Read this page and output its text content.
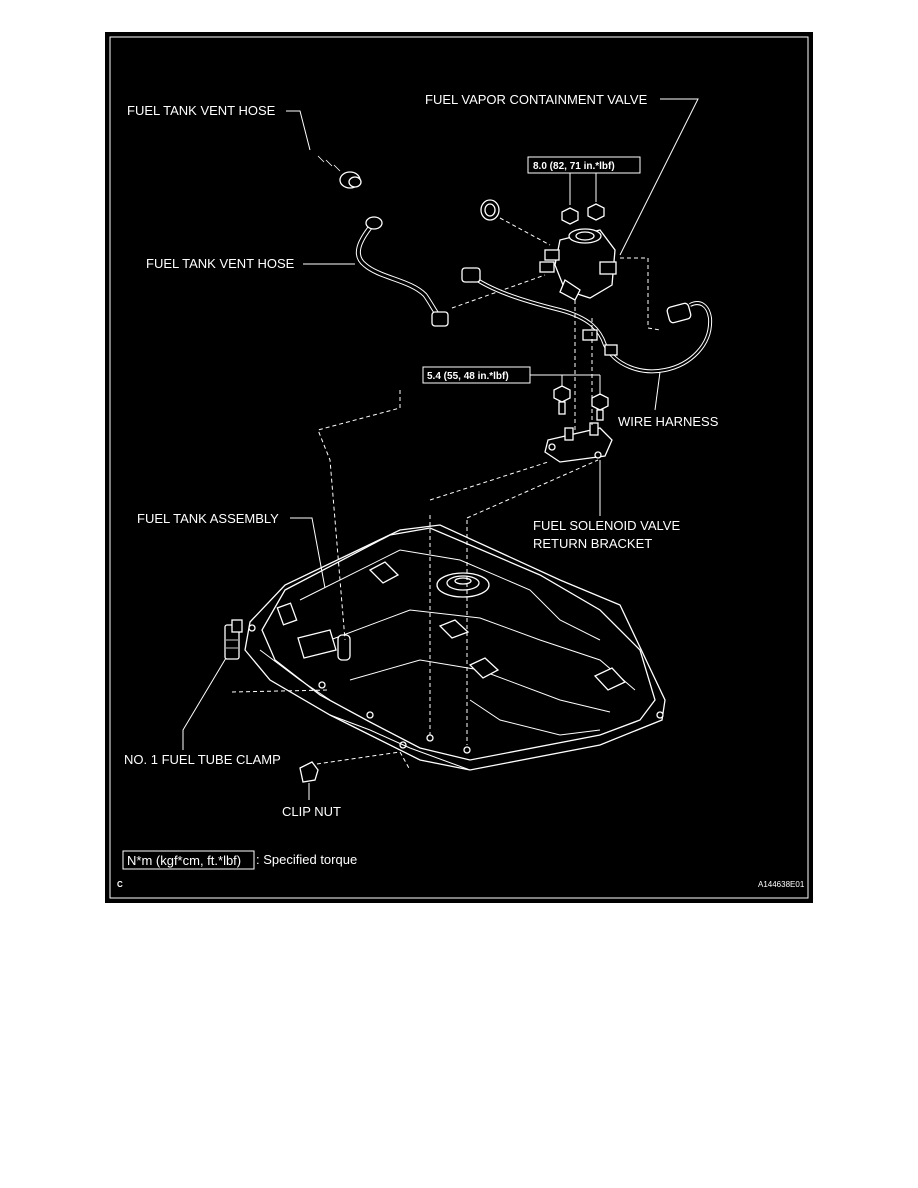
8.0 (82, 71 in.*lbf)
5.4 (55, 48 in.*lbf)
FUEL TANK VENT HOSE
FUEL VAPOR CONTAINMENT VALVE
FUEL TANK VENT HOSE
WIRE HARNESS
FUEL TANK ASSEMBLY	FUEL SOLENOID VALVE
RETURN BRACKET
NO. 1 FUEL TUBE CLAMP
CLIP NUT
N*m (kgf*cm, ft.*lbf) : Specified torque
C	A144638E01
